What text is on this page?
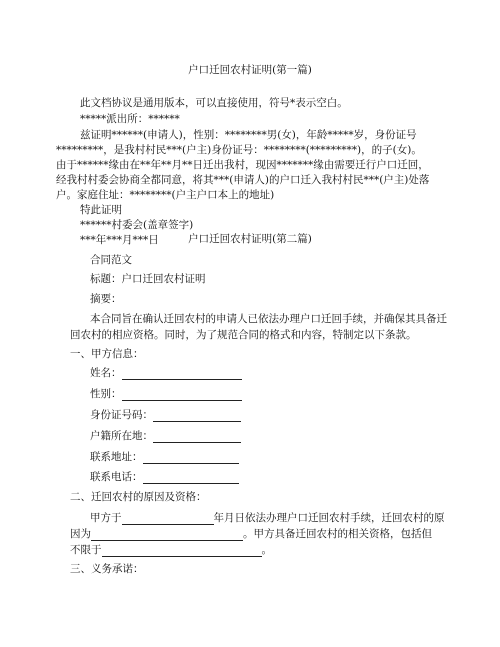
户口迁回农村证明(第一篇)
此文档协议是通用版本，可以直接使用，符号*表示空白。
*****派出所：******
兹证明******(申请人)，性别：********男(女)，年龄*****岁，身份证号
*********，是我村村民***(户主)身份证号：********(*********)，的子(女)。
由于******缘由在**年**月**日迁出我村，现因*******缘由需要迁行户口迁回，
经我村村委会协商全都同意，将其***(申请人)的户口迁入我村村民***(户主)处落
户。家庭住址：********(户主户口本上的地址)
特此证明
******村委会(盖章签字)
***年***月***日	户口迁回农村证明(第二篇)
合同范文
标题：户口迁回农村证明
摘要：
本合同旨在确认迁回农村的申请人已依法办理户口迁回手续，并确保其具备迁
回农村的相应资格。同时，为了规范合同的格式和内容，特制定以下条款。
一、甲方信息：
姓名：
性别：
身份证号码：
户籍所在地：
联系地址：
联系电话：
二、迁回农村的原因及资格：
甲方于	年月日依法办理户口迁回农村手续，迁回农村的原
因为	。甲方具备迁回农村的相关资格，包括但
不限于	。
三、义务承诺：
